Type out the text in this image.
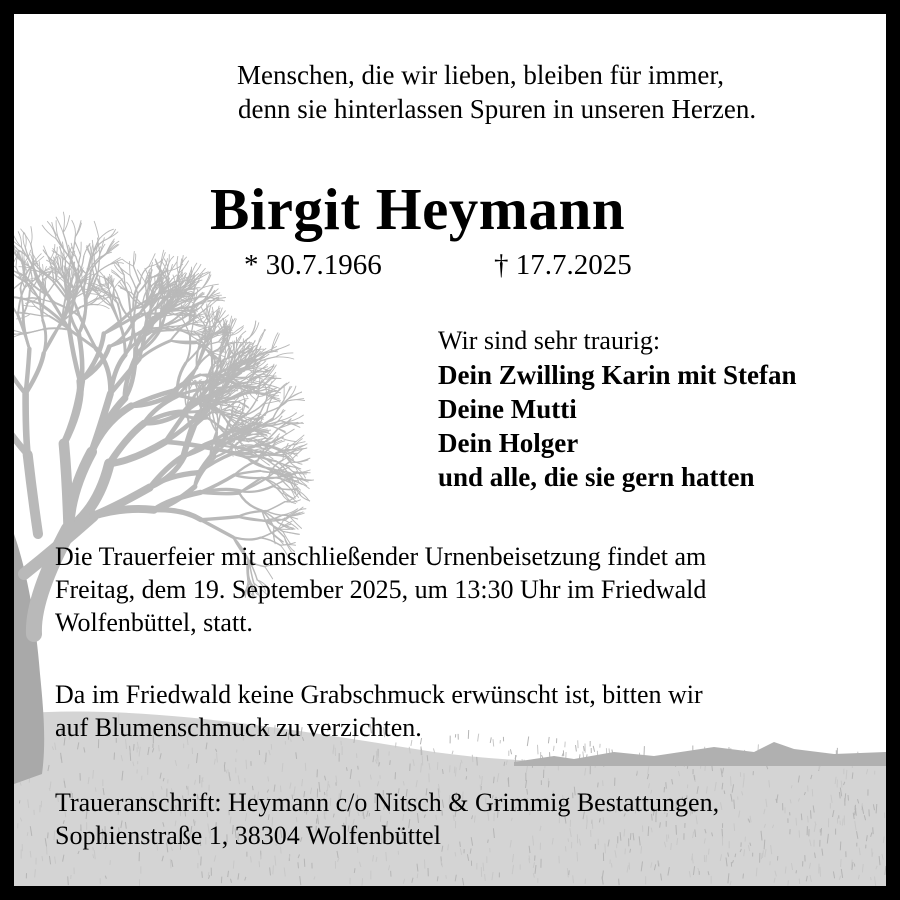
Menschen, die wir lieben, bleiben für immer,
denn sie hinterlassen Spuren in unseren Herzen.
Birgit Heymann
* 30.7.1966	† 17.7.2025
Wir sind sehr traurig:
Dein Zwilling Karin mit Stefan
Deine Mutti
Dein Holger
und alle, die sie gern hatten
Die Trauerfeier mit anschließender Urnenbeisetzung findet am
Freitag, dem 19. September 2025, um 13:30 Uhr im Friedwald
Wolfenbüttel, statt.
Da im Friedwald keine Grabschmuck erwünscht ist, bitten wir
auf Blumenschmuck zu verzichten.
Traueranschrift: Heymann c/o Nitsch & Grimmig Bestattungen,
Sophienstraße 1, 38304 Wolfenbüttel
